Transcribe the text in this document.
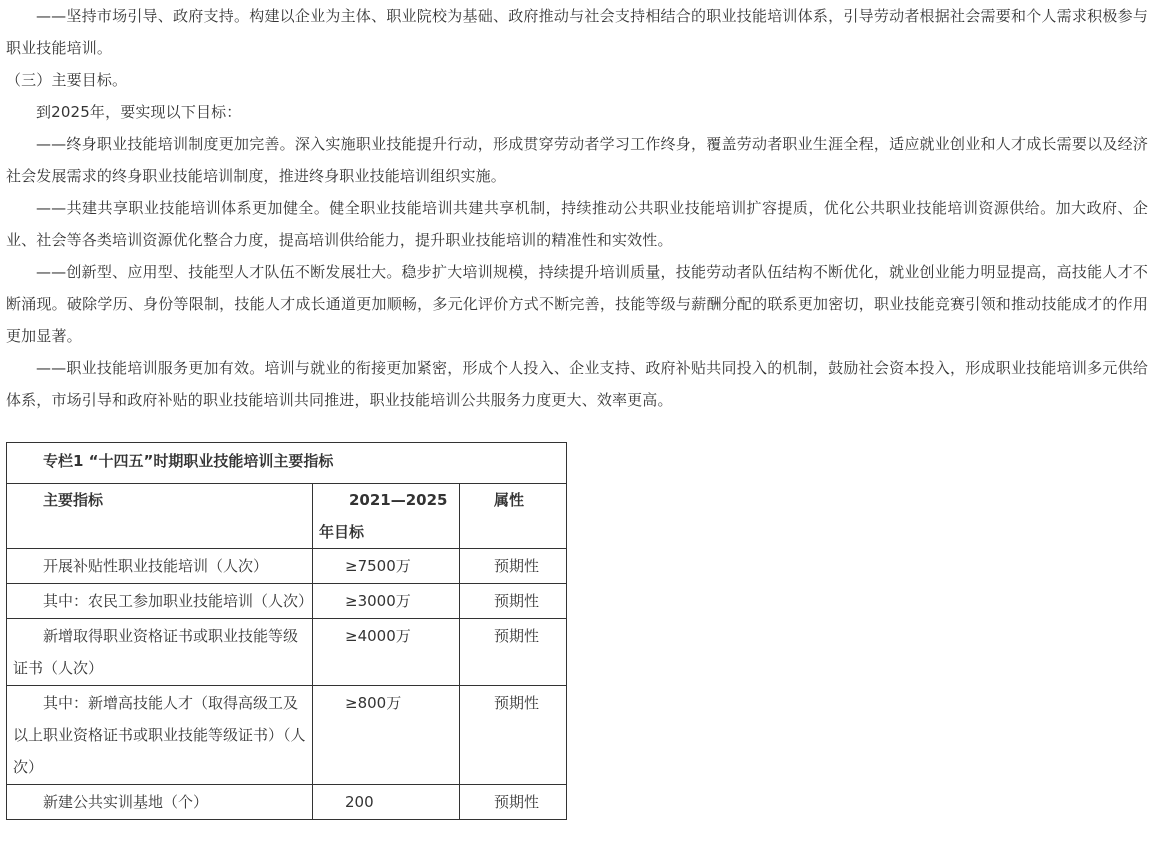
——坚持市场引导、政府支持。构建以企业为主体、职业院校为基础、政府推动与社会支持相结合的职业技能培训体系，引导劳动者根据社会需要和个人需求积极参与职业技能培训。

（三）主要目标。

到2025年，要实现以下目标：

——终身职业技能培训制度更加完善。深入实施职业技能提升行动，形成贯穿劳动者学习工作终身，覆盖劳动者职业生涯全程，适应就业创业和人才成长需要以及经济社会发展需求的终身职业技能培训制度，推进终身职业技能培训组织实施。

——共建共享职业技能培训体系更加健全。健全职业技能培训共建共享机制，持续推动公共职业技能培训扩容提质，优化公共职业技能培训资源供给。加大政府、企业、社会等各类培训资源优化整合力度，提高培训供给能力，提升职业技能培训的精准性和实效性。

——创新型、应用型、技能型人才队伍不断发展壮大。稳步扩大培训规模，持续提升培训质量，技能劳动者队伍结构不断优化，就业创业能力明显提高，高技能人才不断涌现。破除学历、身份等限制，技能人才成长通道更加顺畅，多元化评价方式不断完善，技能等级与薪酬分配的联系更加密切，职业技能竞赛引领和推动技能成才的作用更加显著。

——职业技能培训服务更加有效。培训与就业的衔接更加紧密，形成个人投入、企业支持、政府补贴共同投入的机制，鼓励社会资本投入，形成职业技能培训多元供给体系，市场引导和政府补贴的职业技能培训共同推进，职业技能培训公共服务力度更大、效率更高。

专栏1 “十四五”时期职业技能培训主要指标		
主要指标	2021—2025年目标	属性
开展补贴性职业技能培训（人次）	≥7500万	预期性
其中：农民工参加职业技能培训（人次）	≥3000万	预期性
新增取得职业资格证书或职业技能等级证书（人次）	≥4000万	预期性
其中：新增高技能人才（取得高级工及以上职业资格证书或职业技能等级证书）（人次）	≥800万	预期性
新建公共实训基地（个）	200	预期性
